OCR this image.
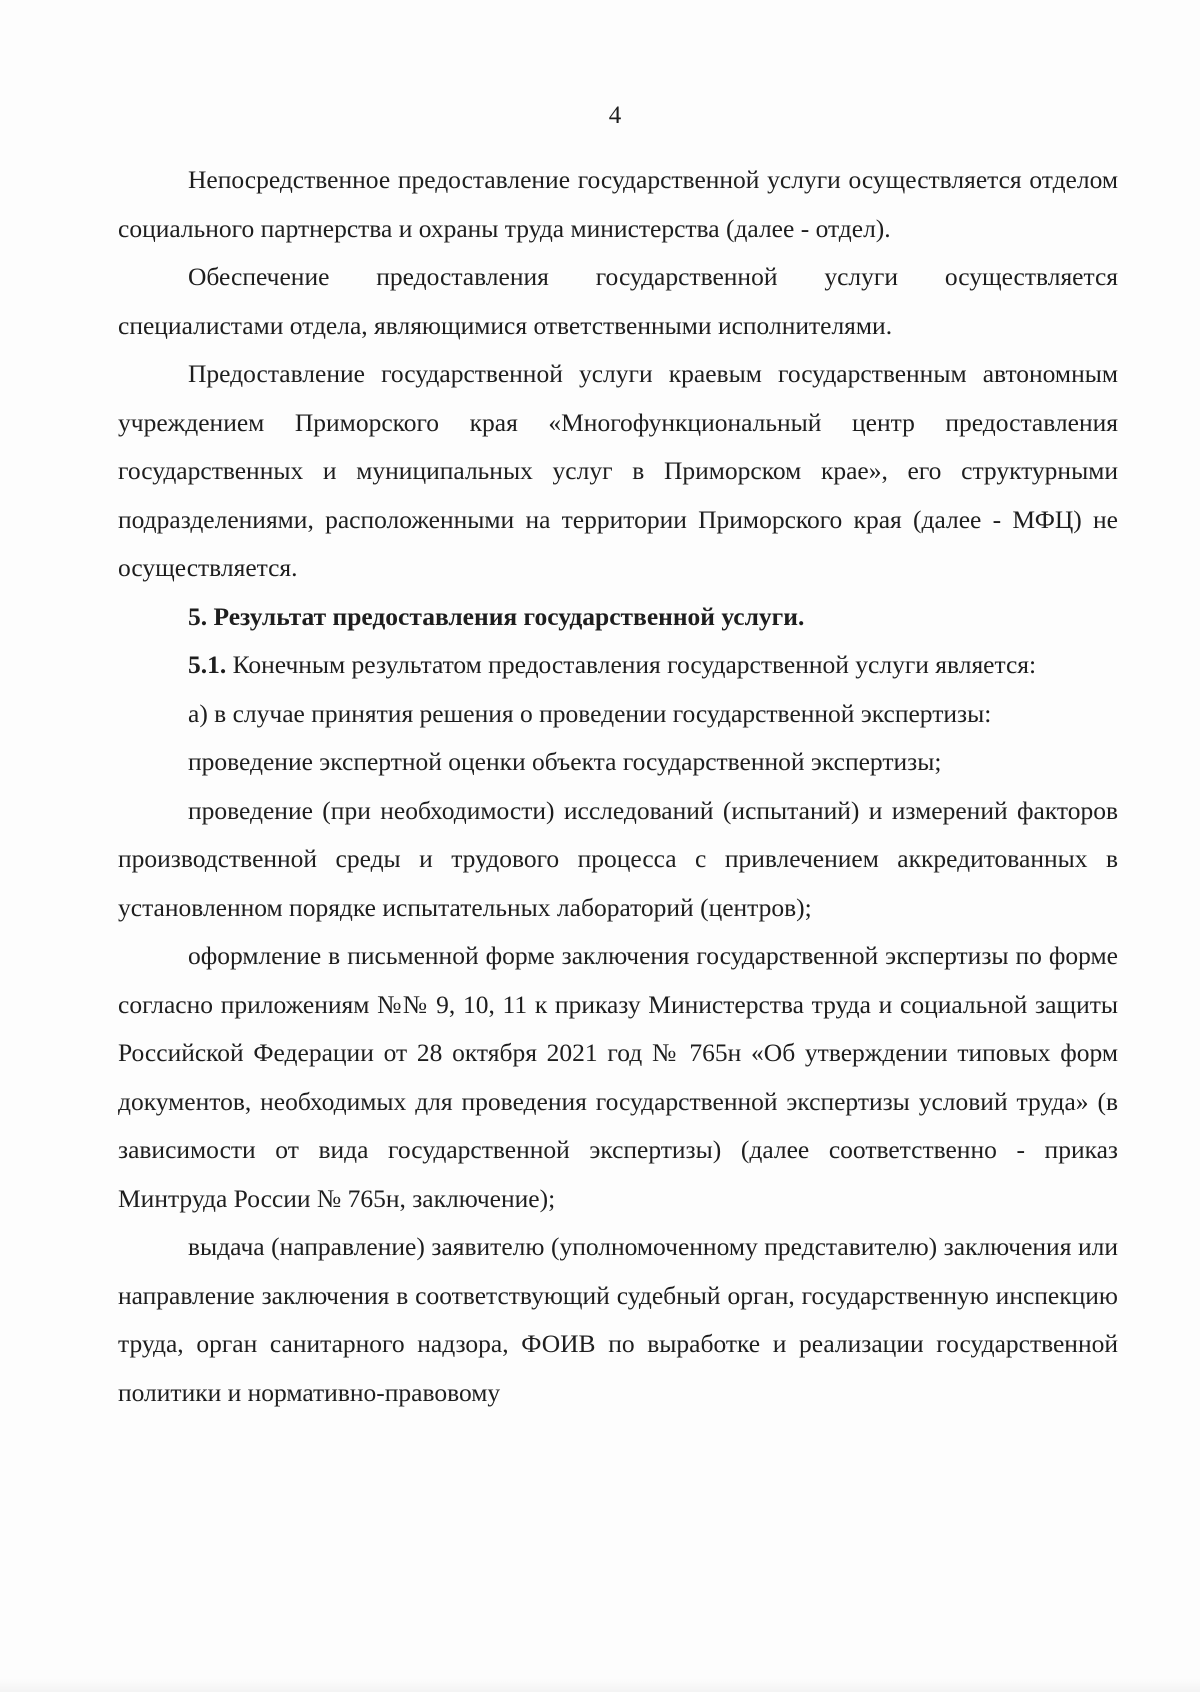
4

Непосредственное предоставление государственной услуги осуществляется отделом социального партнерства и охраны труда министерства (далее - отдел).

Обеспечение предоставления государственной услуги осуществляется специалистами отдела, являющимися ответственными исполнителями.

Предоставление государственной услуги краевым государственным автономным учреждением Приморского края «Многофункциональный центр предоставления государственных и муниципальных услуг в Приморском крае», его структурными подразделениями, расположенными на территории Приморского края (далее - МФЦ) не осуществляется.

5. Результат предоставления государственной услуги.

5.1. Конечным результатом предоставления государственной услуги является:

а) в случае принятия решения о проведении государственной экспертизы:

проведение экспертной оценки объекта государственной экспертизы;

проведение (при необходимости) исследований (испытаний) и измерений факторов производственной среды и трудового процесса с привлечением аккредитованных в установленном порядке испытательных лабораторий (центров);

оформление в письменной форме заключения государственной экспертизы по форме согласно приложениям №№ 9, 10, 11 к приказу Министерства труда и социальной защиты Российской Федерации от 28 октября 2021 год № 765н «Об утверждении типовых форм документов, необходимых для проведения государственной экспертизы условий труда» (в зависимости от вида государственной экспертизы) (далее соответственно - приказ Минтруда России № 765н, заключение);

выдача (направление) заявителю (уполномоченному представителю) заключения или направление заключения в соответствующий судебный орган, государственную инспекцию труда, орган санитарного надзора, ФОИВ по выработке и реализации государственной политики и нормативно-правовому
